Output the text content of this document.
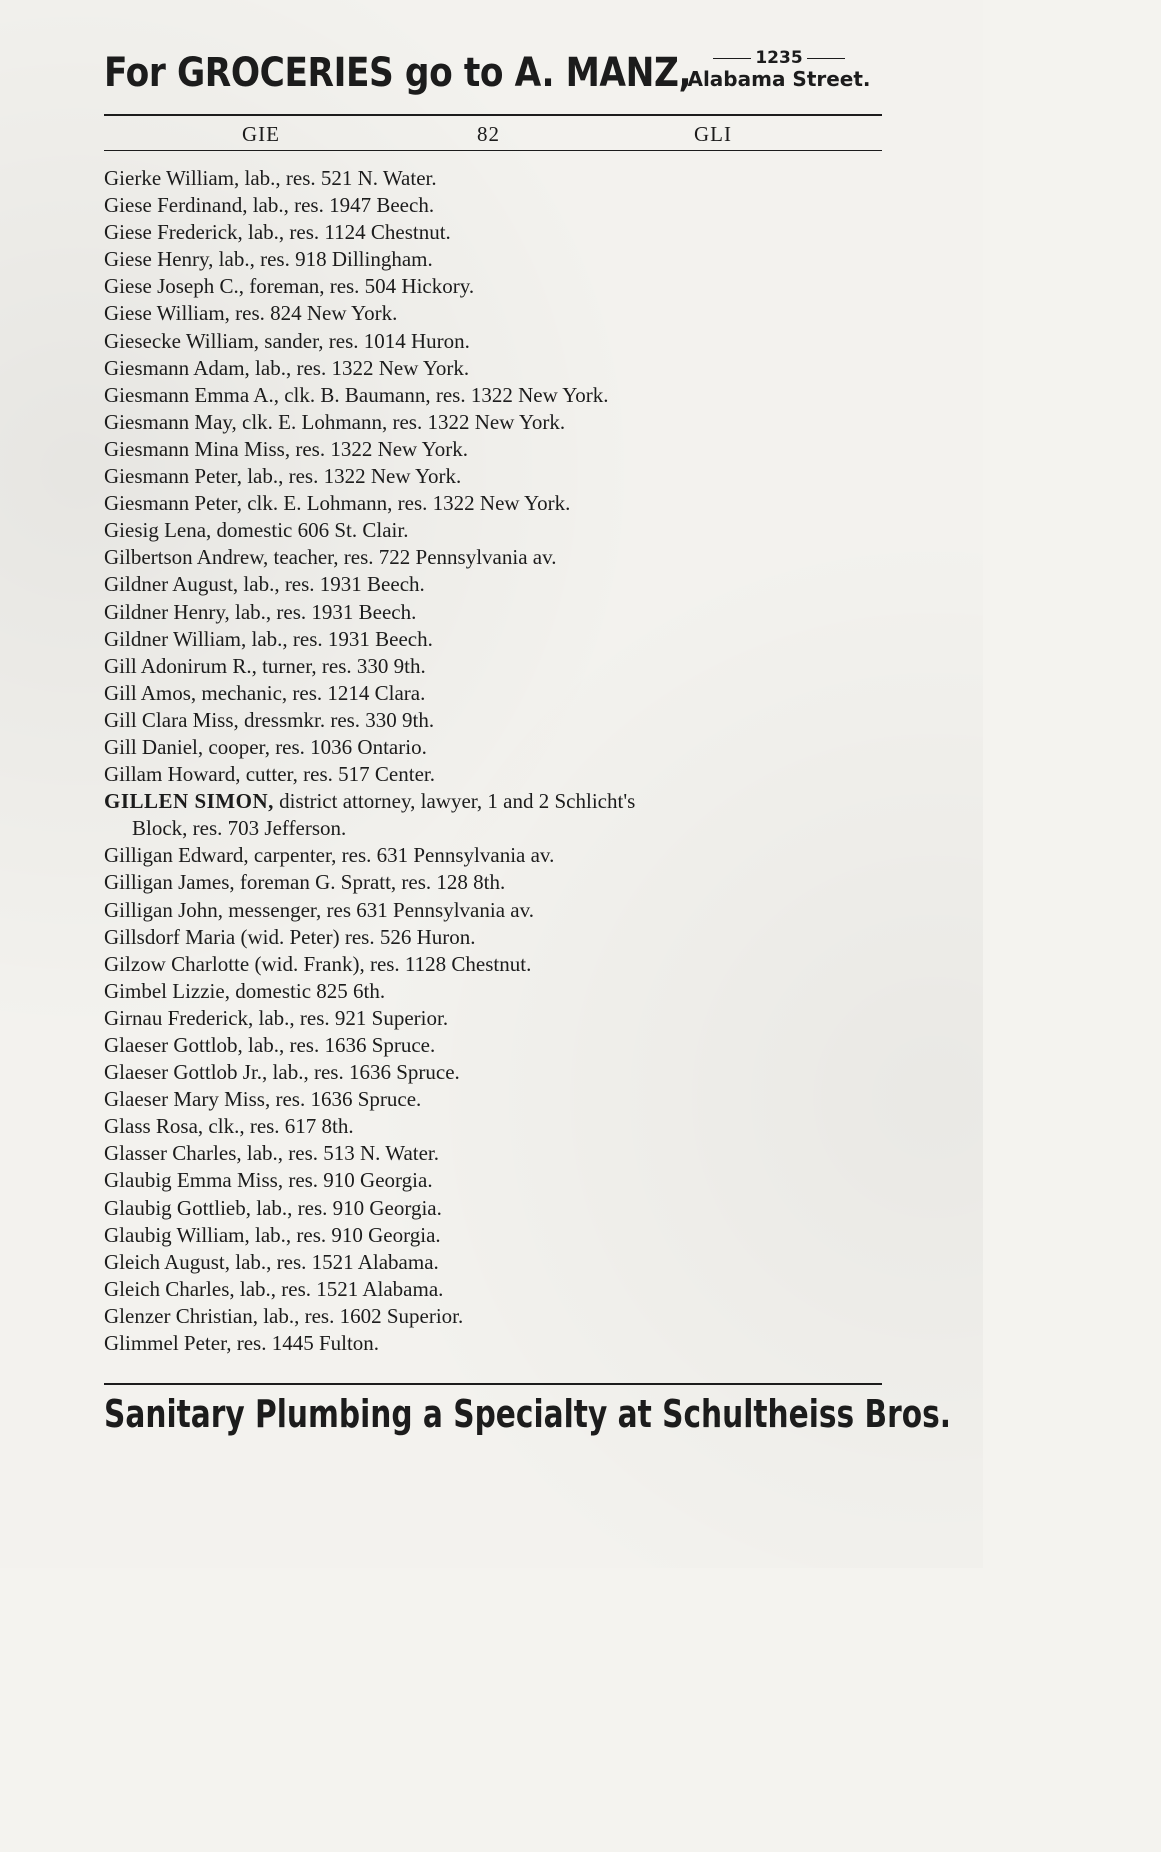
For GROCERIES go to A. MANZ,	1235
Alabama Street.
GIE	82	GLI
Gierke William, lab., res. 521 N. Water.
Giese Ferdinand, lab., res. 1947 Beech.
Giese Frederick, lab., res. 1124 Chestnut.
Giese Henry, lab., res. 918 Dillingham.
Giese Joseph C., foreman, res. 504 Hickory.
Giese William, res. 824 New York.
Giesecke William, sander, res. 1014 Huron.
Giesmann Adam, lab., res. 1322 New York.
Giesmann Emma A., clk. B. Baumann, res. 1322 New York.
Giesmann May, clk. E. Lohmann, res. 1322 New York.
Giesmann Mina Miss, res. 1322 New York.
Giesmann Peter, lab., res. 1322 New York.
Giesmann Peter, clk. E. Lohmann, res. 1322 New York.
Giesig Lena, domestic 606 St. Clair.
Gilbertson Andrew, teacher, res. 722 Pennsylvania av.
Gildner August, lab., res. 1931 Beech.
Gildner Henry, lab., res. 1931 Beech.
Gildner William, lab., res. 1931 Beech.
Gill Adonirum R., turner, res. 330 9th.
Gill Amos, mechanic, res. 1214 Clara.
Gill Clara Miss, dressmkr. res. 330 9th.
Gill Daniel, cooper, res. 1036 Ontario.
Gillam Howard, cutter, res. 517 Center.
GILLEN SIMON, district attorney, lawyer, 1 and 2 Schlicht's
Block, res. 703 Jefferson.
Gilligan Edward, carpenter, res. 631 Pennsylvania av.
Gilligan James, foreman G. Spratt, res. 128 8th.
Gilligan John, messenger, res 631 Pennsylvania av.
Gillsdorf Maria (wid. Peter) res. 526 Huron.
Gilzow Charlotte (wid. Frank), res. 1128 Chestnut.
Gimbel Lizzie, domestic 825 6th.
Girnau Frederick, lab., res. 921 Superior.
Glaeser Gottlob, lab., res. 1636 Spruce.
Glaeser Gottlob Jr., lab., res. 1636 Spruce.
Glaeser Mary Miss, res. 1636 Spruce.
Glass Rosa, clk., res. 617 8th.
Glasser Charles, lab., res. 513 N. Water.
Glaubig Emma Miss, res. 910 Georgia.
Glaubig Gottlieb, lab., res. 910 Georgia.
Glaubig William, lab., res. 910 Georgia.
Gleich August, lab., res. 1521 Alabama.
Gleich Charles, lab., res. 1521 Alabama.
Glenzer Christian, lab., res. 1602 Superior.
Glimmel Peter, res. 1445 Fulton.
Sanitary Plumbing a Specialty at Schultheiss Bros.
